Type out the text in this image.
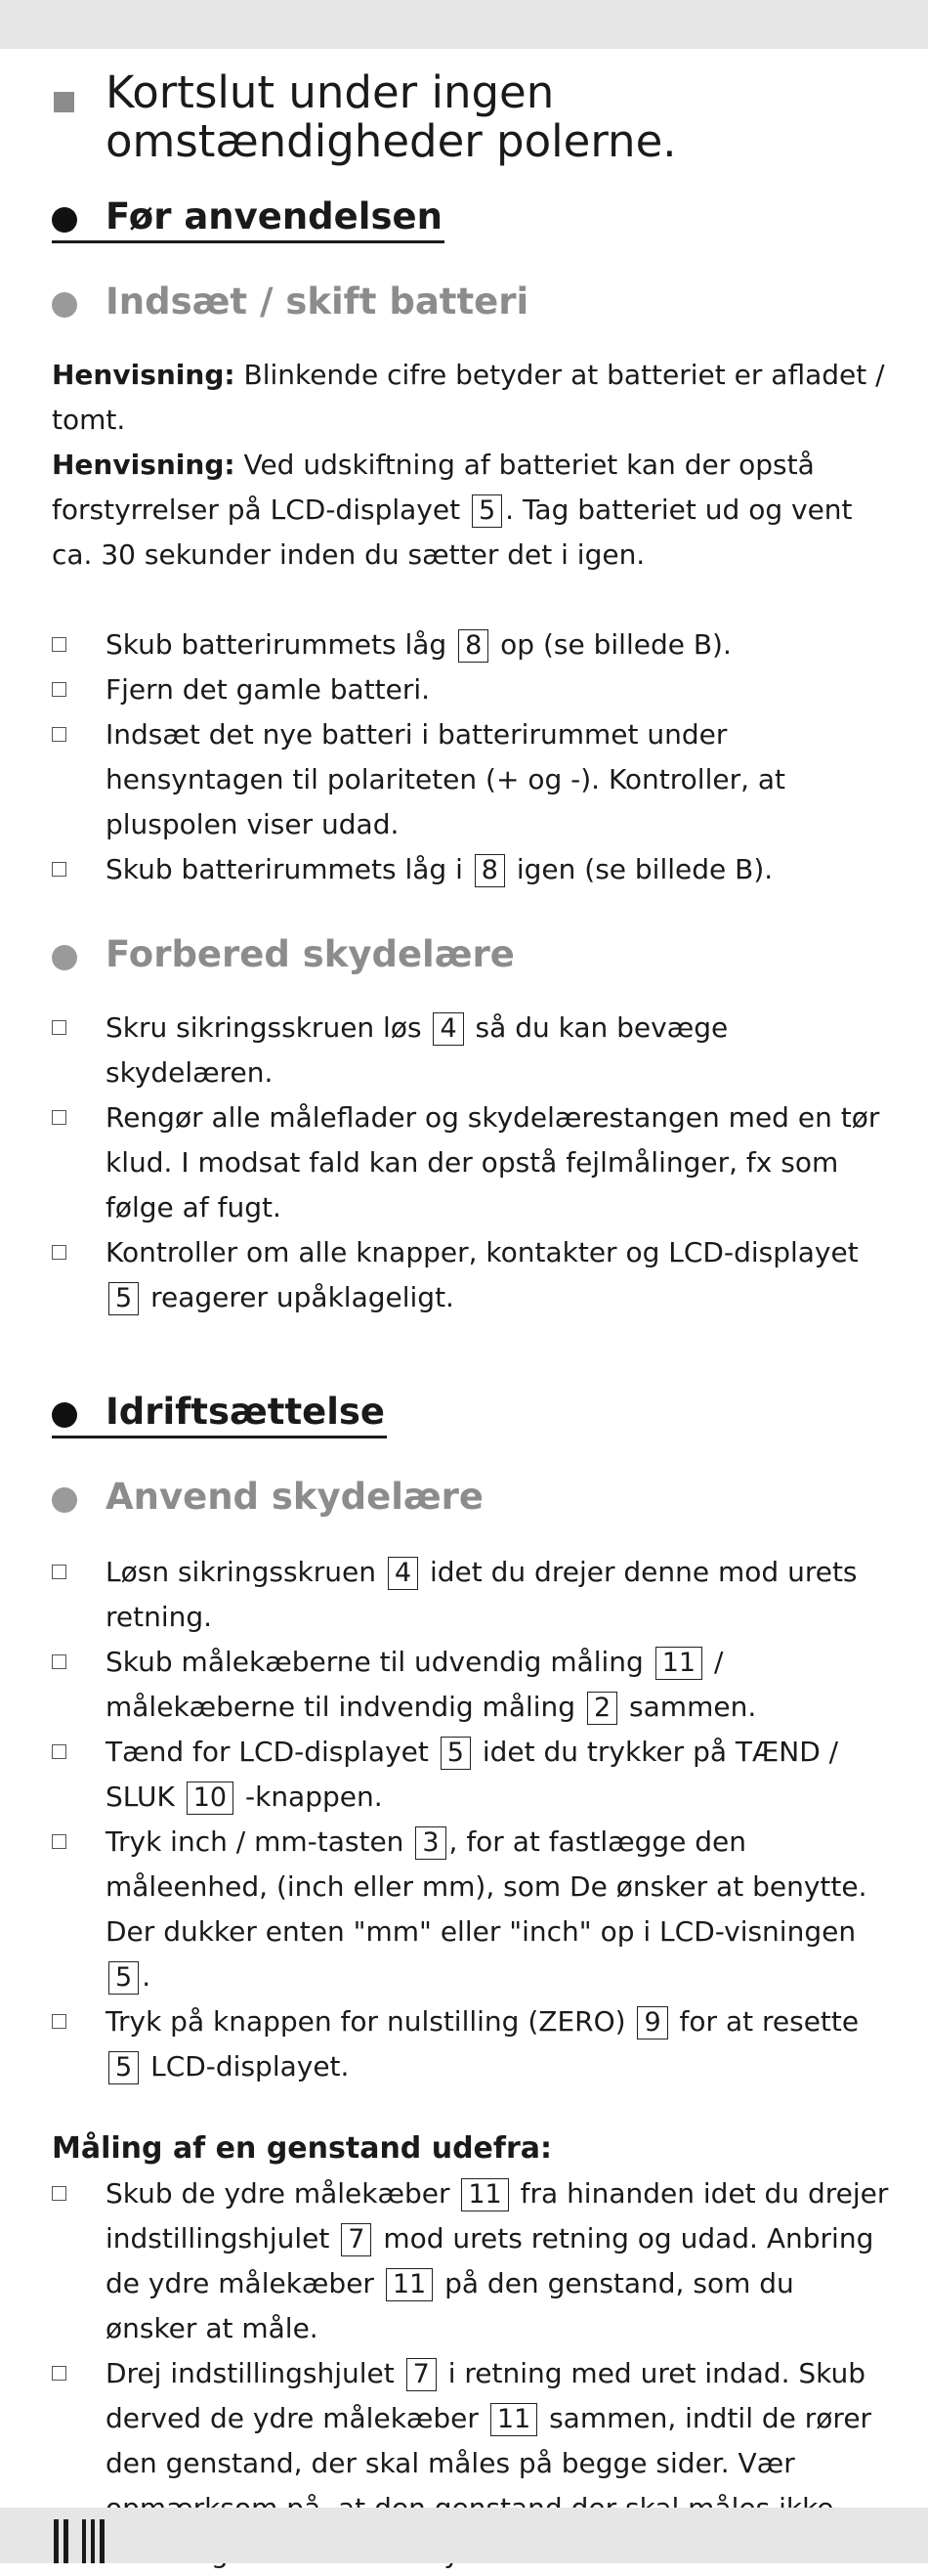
Kortslut under ingen omstændigheder polerne.

Før anvendelsen
Indsæt / skift batteri

Henvisning: Blinkende cifre betyder at batteriet er afladet / tomt.

Henvisning: Ved udskiftning af batteriet kan der opstå forstyrrelser på LCD-displayet 5 . Tag batteriet ud og vent ca. 30 sekunder inden du sætter det i igen.

Skub batterirummets låg 8 op (se billede B).
Fjern det gamle batteri.
Indsæt det nye batteri i batterirummet under hensyntagen til polariteten (+ og -). Kontroller, at pluspolen viser udad.
Skub batterirummets låg i 8 igen (se billede B).
Forbered skydelære
Skru sikringsskruen løs 4 så du kan bevæge skydelæren.
Rengør alle måleflader og skydelærestangen med en tør klud. I modsat fald kan der opstå fejlmålinger, fx som følge af fugt.
Kontroller om alle knapper, kontakter og LCD-displayet 5 reagerer upåklageligt.
Idriftsættelse
Anvend skydelære
Løsn sikringsskruen 4 idet du drejer denne mod urets retning.
Skub målekæberne til udvendig måling 11 / målekæberne til indvendig måling 2 sammen.
Tænd for LCD-displayet 5 idet du trykker på TÆND / SLUK 10 -knappen.
Tryk inch / mm-tasten 3 , for at fastlægge den måleenhed, (inch eller mm), som De ønsker at benytte. Der dukker enten "mm" eller "inch" op i LCD-visningen 5 .
Tryk på knappen for nulstilling (ZERO) 9 for at resette 5 LCD-displayet.
Måling af en genstand udefra:
Skub de ydre målekæber 11 fra hinanden idet du drejer indstillingshjulet 7 mod urets retning og udad. Anbring de ydre målekæber 11 på den genstand, som du ønsker at måle.
Drej indstillingshjulet 7 i retning med uret indad. Skub derved de ydre målekæber 11 sammen, indtil de rører den genstand, der skal måles på begge sider. Vær
